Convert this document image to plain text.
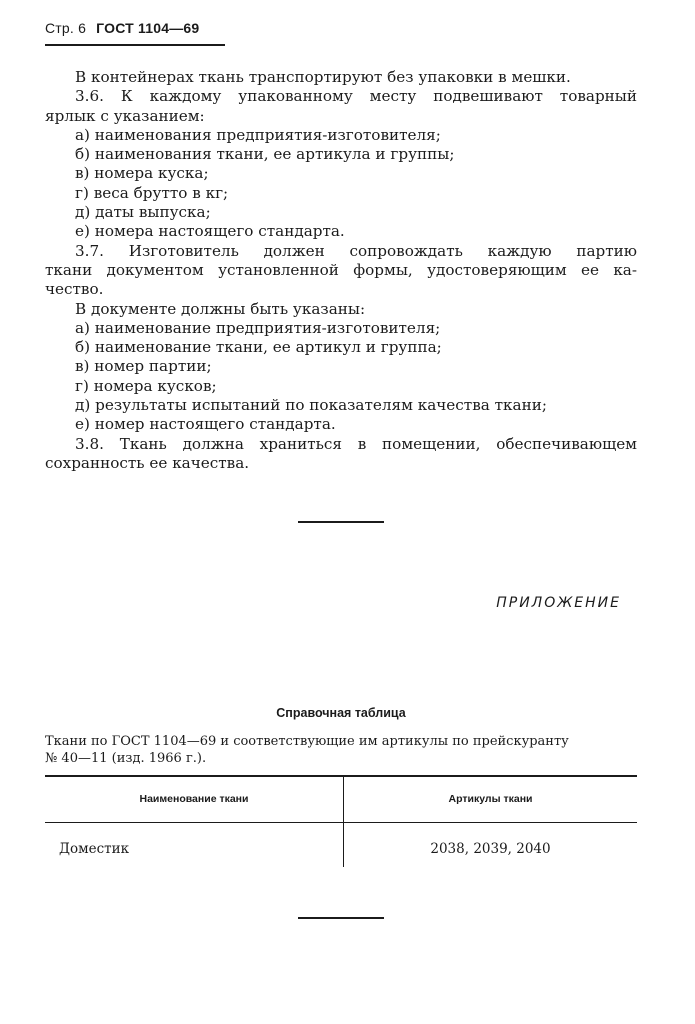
Стр. 6 ГОСТ 1104—69
В контейнерах ткань транспортируют без упаковки в мешки.
3.6. К каждому упакованному месту подвешивают товарный
ярлык с указанием:
а) наименования предприятия-изготовителя;
б) наименования ткани, ее артикула и группы;
в) номера куска;
г) веса брутто в кг;
д) даты выпуска;
е) номера настоящего стандарта.
3.7. Изготовитель должен сопровождать каждую партию
ткани документом установленной формы, удостоверяющим ее ка-
чество.
В документе должны быть указаны:
а) наименование предприятия-изготовителя;
б) наименование ткани, ее артикул и группа;
в) номер партии;
г) номера кусков;
д) результаты испытаний по показателям качества ткани;
е) номер настоящего стандарта.
3.8. Ткань должна храниться в помещении, обеспечивающем
сохранность ее качества.
ПРИЛОЖЕНИЕ
Справочная таблица
Ткани по ГОСТ 1104—69 и соответствующие им артикулы по прейскуранту
№ 40—11 (изд. 1966 г.).
Наименование ткани	Артикулы ткани
Доместик	2038, 2039, 2040
